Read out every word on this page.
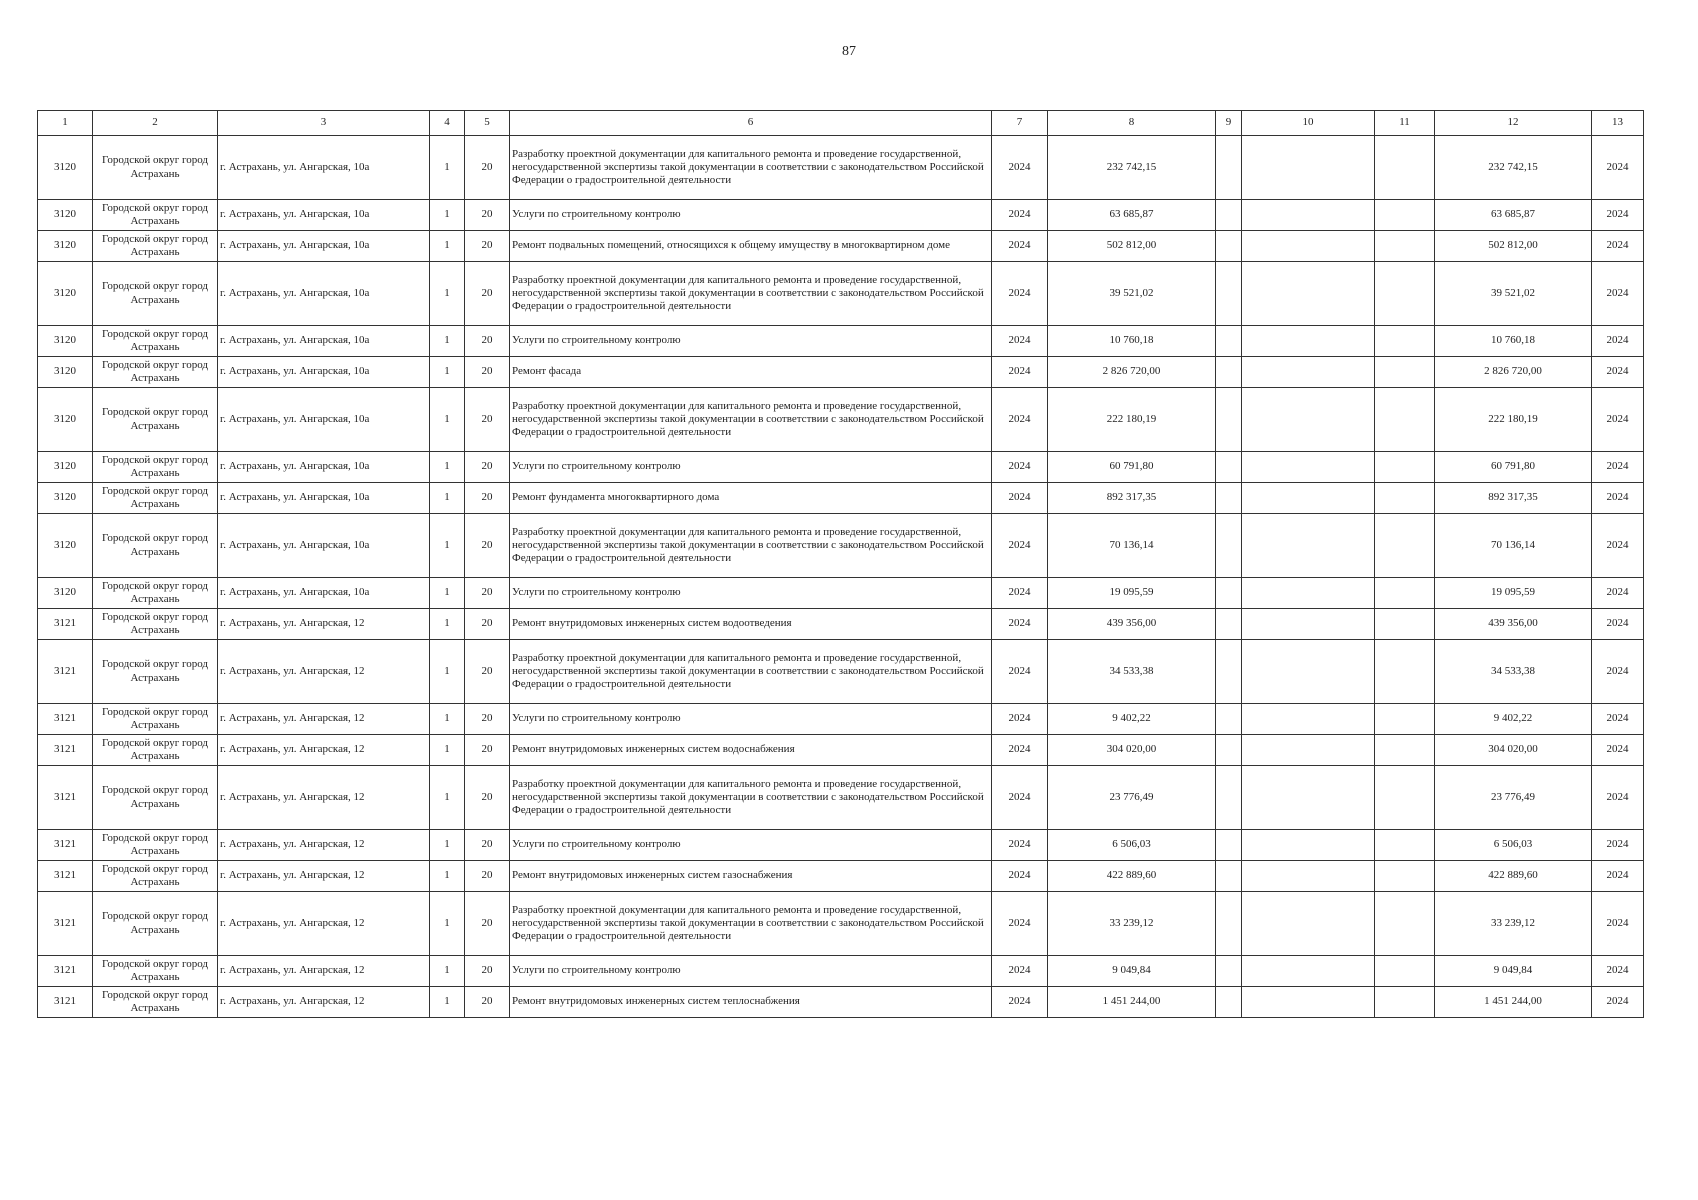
87
1	2	3	4	5	6	7	8	9	10	11	12	13
3120	Городской округ город Астрахань	г. Астрахань, ул. Ангарская, 10а	1	20	Разработку проектной документации для капитального ремонта и проведение государственной, негосударственной экспертизы такой документации в соответствии с законодательством Российской Федерации о градостроительной деятельности	2024	232 742,15				232 742,15	2024
3120	Городской округ город Астрахань	г. Астрахань, ул. Ангарская, 10а	1	20	Услуги по строительному контролю	2024	63 685,87				63 685,87	2024
3120	Городской округ город Астрахань	г. Астрахань, ул. Ангарская, 10а	1	20	Ремонт подвальных помещений, относящихся к общему имуществу в многоквартирном доме	2024	502 812,00				502 812,00	2024
3120	Городской округ город Астрахань	г. Астрахань, ул. Ангарская, 10а	1	20	Разработку проектной документации для капитального ремонта и проведение государственной, негосударственной экспертизы такой документации в соответствии с законодательством Российской Федерации о градостроительной деятельности	2024	39 521,02				39 521,02	2024
3120	Городской округ город Астрахань	г. Астрахань, ул. Ангарская, 10а	1	20	Услуги по строительному контролю	2024	10 760,18				10 760,18	2024
3120	Городской округ город Астрахань	г. Астрахань, ул. Ангарская, 10а	1	20	Ремонт фасада	2024	2 826 720,00				2 826 720,00	2024
3120	Городской округ город Астрахань	г. Астрахань, ул. Ангарская, 10а	1	20	Разработку проектной документации для капитального ремонта и проведение государственной, негосударственной экспертизы такой документации в соответствии с законодательством Российской Федерации о градостроительной деятельности	2024	222 180,19				222 180,19	2024
3120	Городской округ город Астрахань	г. Астрахань, ул. Ангарская, 10а	1	20	Услуги по строительному контролю	2024	60 791,80				60 791,80	2024
3120	Городской округ город Астрахань	г. Астрахань, ул. Ангарская, 10а	1	20	Ремонт фундамента многоквартирного дома	2024	892 317,35				892 317,35	2024
3120	Городской округ город Астрахань	г. Астрахань, ул. Ангарская, 10а	1	20	Разработку проектной документации для капитального ремонта и проведение государственной, негосударственной экспертизы такой документации в соответствии с законодательством Российской Федерации о градостроительной деятельности	2024	70 136,14				70 136,14	2024
3120	Городской округ город Астрахань	г. Астрахань, ул. Ангарская, 10а	1	20	Услуги по строительному контролю	2024	19 095,59				19 095,59	2024
3121	Городской округ город Астрахань	г. Астрахань, ул. Ангарская, 12	1	20	Ремонт внутридомовых инженерных систем водоотведения	2024	439 356,00				439 356,00	2024
3121	Городской округ город Астрахань	г. Астрахань, ул. Ангарская, 12	1	20	Разработку проектной документации для капитального ремонта и проведение государственной, негосударственной экспертизы такой документации в соответствии с законодательством Российской Федерации о градостроительной деятельности	2024	34 533,38				34 533,38	2024
3121	Городской округ город Астрахань	г. Астрахань, ул. Ангарская, 12	1	20	Услуги по строительному контролю	2024	9 402,22				9 402,22	2024
3121	Городской округ город Астрахань	г. Астрахань, ул. Ангарская, 12	1	20	Ремонт внутридомовых инженерных систем водоснабжения	2024	304 020,00				304 020,00	2024
3121	Городской округ город Астрахань	г. Астрахань, ул. Ангарская, 12	1	20	Разработку проектной документации для капитального ремонта и проведение государственной, негосударственной экспертизы такой документации в соответствии с законодательством Российской Федерации о градостроительной деятельности	2024	23 776,49				23 776,49	2024
3121	Городской округ город Астрахань	г. Астрахань, ул. Ангарская, 12	1	20	Услуги по строительному контролю	2024	6 506,03				6 506,03	2024
3121	Городской округ город Астрахань	г. Астрахань, ул. Ангарская, 12	1	20	Ремонт внутридомовых инженерных систем газоснабжения	2024	422 889,60				422 889,60	2024
3121	Городской округ город Астрахань	г. Астрахань, ул. Ангарская, 12	1	20	Разработку проектной документации для капитального ремонта и проведение государственной, негосударственной экспертизы такой документации в соответствии с законодательством Российской Федерации о градостроительной деятельности	2024	33 239,12				33 239,12	2024
3121	Городской округ город Астрахань	г. Астрахань, ул. Ангарская, 12	1	20	Услуги по строительному контролю	2024	9 049,84				9 049,84	2024
3121	Городской округ город Астрахань	г. Астрахань, ул. Ангарская, 12	1	20	Ремонт внутридомовых инженерных систем теплоснабжения	2024	1 451 244,00				1 451 244,00	2024
